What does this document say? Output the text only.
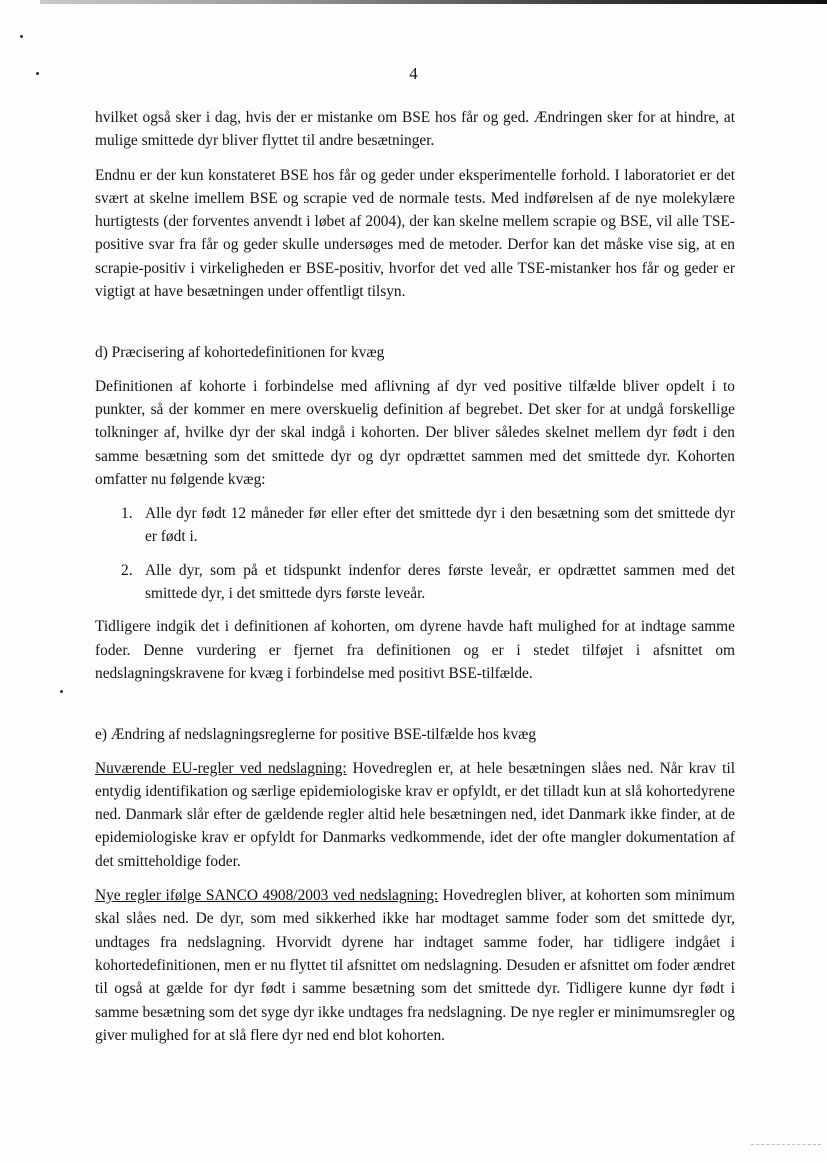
4

hvilket også sker i dag, hvis der er mistanke om BSE hos får og ged. Ændringen sker for at hindre, at mulige smittede dyr bliver flyttet til andre besætninger.

Endnu er der kun konstateret BSE hos får og geder under eksperimentelle forhold. I laboratoriet er det svært at skelne imellem BSE og scrapie ved de normale tests. Med indførelsen af de nye molekylære hurtigtests (der forventes anvendt i løbet af 2004), der kan skelne mellem scrapie og BSE, vil alle TSE-positive svar fra får og geder skulle undersøges med de metoder. Derfor kan det måske vise sig, at en scrapie-positiv i virkeligheden er BSE-positiv, hvorfor det ved alle TSE-mistanker hos får og geder er vigtigt at have besætningen under offentligt tilsyn.

d) Præcisering af kohortedefinitionen for kvæg

Definitionen af kohorte i forbindelse med aflivning af dyr ved positive tilfælde bliver opdelt i to punkter, så der kommer en mere overskuelig definition af begrebet. Det sker for at undgå forskellige tolkninger af, hvilke dyr der skal indgå i kohorten. Der bliver således skelnet mellem dyr født i den samme besætning som det smittede dyr og dyr opdrættet sammen med det smittede dyr. Kohorten omfatter nu følgende kvæg:

1. Alle dyr født 12 måneder før eller efter det smittede dyr i den besætning som det smittede dyr er født i.
2. Alle dyr, som på et tidspunkt indenfor deres første leveår, er opdrættet sammen med det smittede dyr, i det smittede dyrs første leveår.

Tidligere indgik det i definitionen af kohorten, om dyrene havde haft mulighed for at indtage samme foder. Denne vurdering er fjernet fra definitionen og er i stedet tilføjet i afsnittet om nedslagningskravene for kvæg i forbindelse med positivt BSE-tilfælde.

e) Ændring af nedslagningsreglerne for positive BSE-tilfælde hos kvæg

Nuværende EU-regler ved nedslagning: Hovedreglen er, at hele besætningen slåes ned. Når krav til entydig identifikation og særlige epidemiologiske krav er opfyldt, er det tilladt kun at slå kohortedyrene ned. Danmark slår efter de gældende regler altid hele besætningen ned, idet Danmark ikke finder, at de epidemiologiske krav er opfyldt for Danmarks vedkommende, idet der ofte mangler dokumentation af det smitteholdige foder.

Nye regler ifølge SANCO 4908/2003 ved nedslagning: Hovedreglen bliver, at kohorten som minimum skal slåes ned. De dyr, som med sikkerhed ikke har modtaget samme foder som det smittede dyr, undtages fra nedslagning. Hvorvidt dyrene har indtaget samme foder, har tidligere indgået i kohortedefinitionen, men er nu flyttet til afsnittet om nedslagning. Desuden er afsnittet om foder ændret til også at gælde for dyr født i samme besætning som det smittede dyr. Tidligere kunne dyr født i samme besætning som det syge dyr ikke undtages fra nedslagning. De nye regler er minimumsregler og giver mulighed for at slå flere dyr ned end blot kohorten.
